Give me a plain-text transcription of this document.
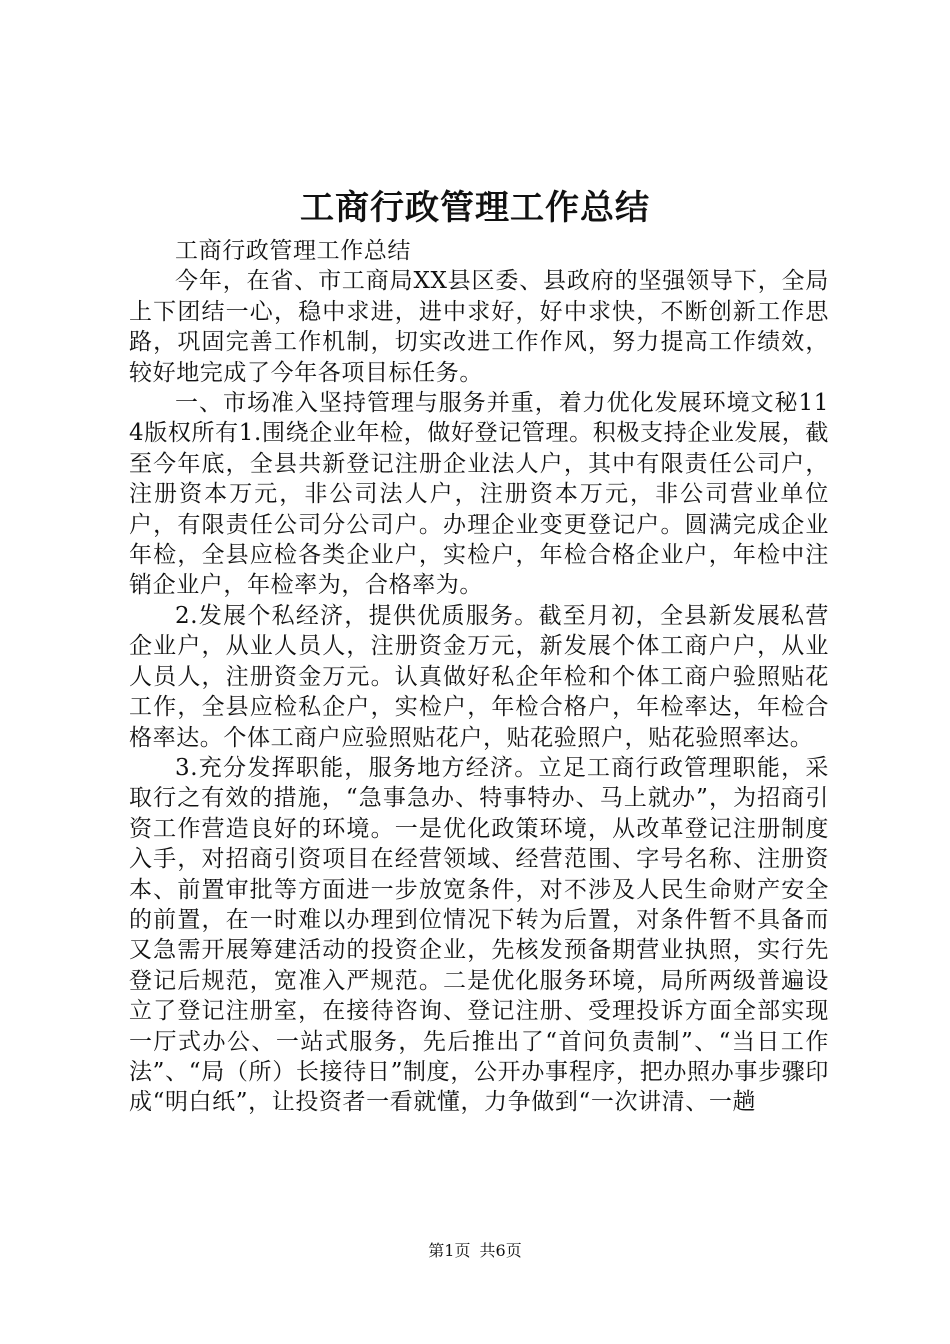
工商行政管理工作总结

工商行政管理工作总结

今年，在省、市工商局XX县区委、县政府的坚强领导下，全局上下团结一心，稳中求进，进中求好，好中求快，不断创新工作思路，巩固完善工作机制，切实改进工作作风，努力提高工作绩效，较好地完成了今年各项目标任务。

一、市场准入坚持管理与服务并重，着力优化发展环境文秘114版权所有1.围绕企业年检，做好登记管理。积极支持企业发展，截至今年底，全县共新登记注册企业法人户，其中有限责任公司户，注册资本万元，非公司法人户，注册资本万元，非公司营业单位户，有限责任公司分公司户。办理企业变更登记户。圆满完成企业年检，全县应检各类企业户，实检户，年检合格企业户，年检中注销企业户，年检率为，合格率为。

2.发展个私经济，提供优质服务。截至月初，全县新发展私营企业户，从业人员人，注册资金万元，新发展个体工商户户，从业人员人，注册资金万元。认真做好私企年检和个体工商户验照贴花工作，全县应检私企户，实检户，年检合格户，年检率达，年检合格率达。个体工商户应验照贴花户，贴花验照户，贴花验照率达。

3.充分发挥职能，服务地方经济。立足工商行政管理职能，采取行之有效的措施，“急事急办、特事特办、马上就办”，为招商引资工作营造良好的环境。一是优化政策环境，从改革登记注册制度入手，对招商引资项目在经营领域、经营范围、字号名称、注册资本、前置审批等方面进一步放宽条件，对不涉及人民生命财产安全的前置，在一时难以办理到位情况下转为后置，对条件暂不具备而又急需开展筹建活动的投资企业，先核发预备期营业执照，实行先登记后规范，宽准入严规范。二是优化服务环境，局所两级普遍设立了登记注册室，在接待咨询、登记注册、受理投诉方面全部实现一厅式办公、一站式服务，先后推出了“首问负责制”、“当日工作法”、“局（所）长接待日”制度，公开办事程序，把办照办事步骤印成“明白纸”，让投资者一看就懂，力争做到“一次讲清、一趟

第1页 共6页
